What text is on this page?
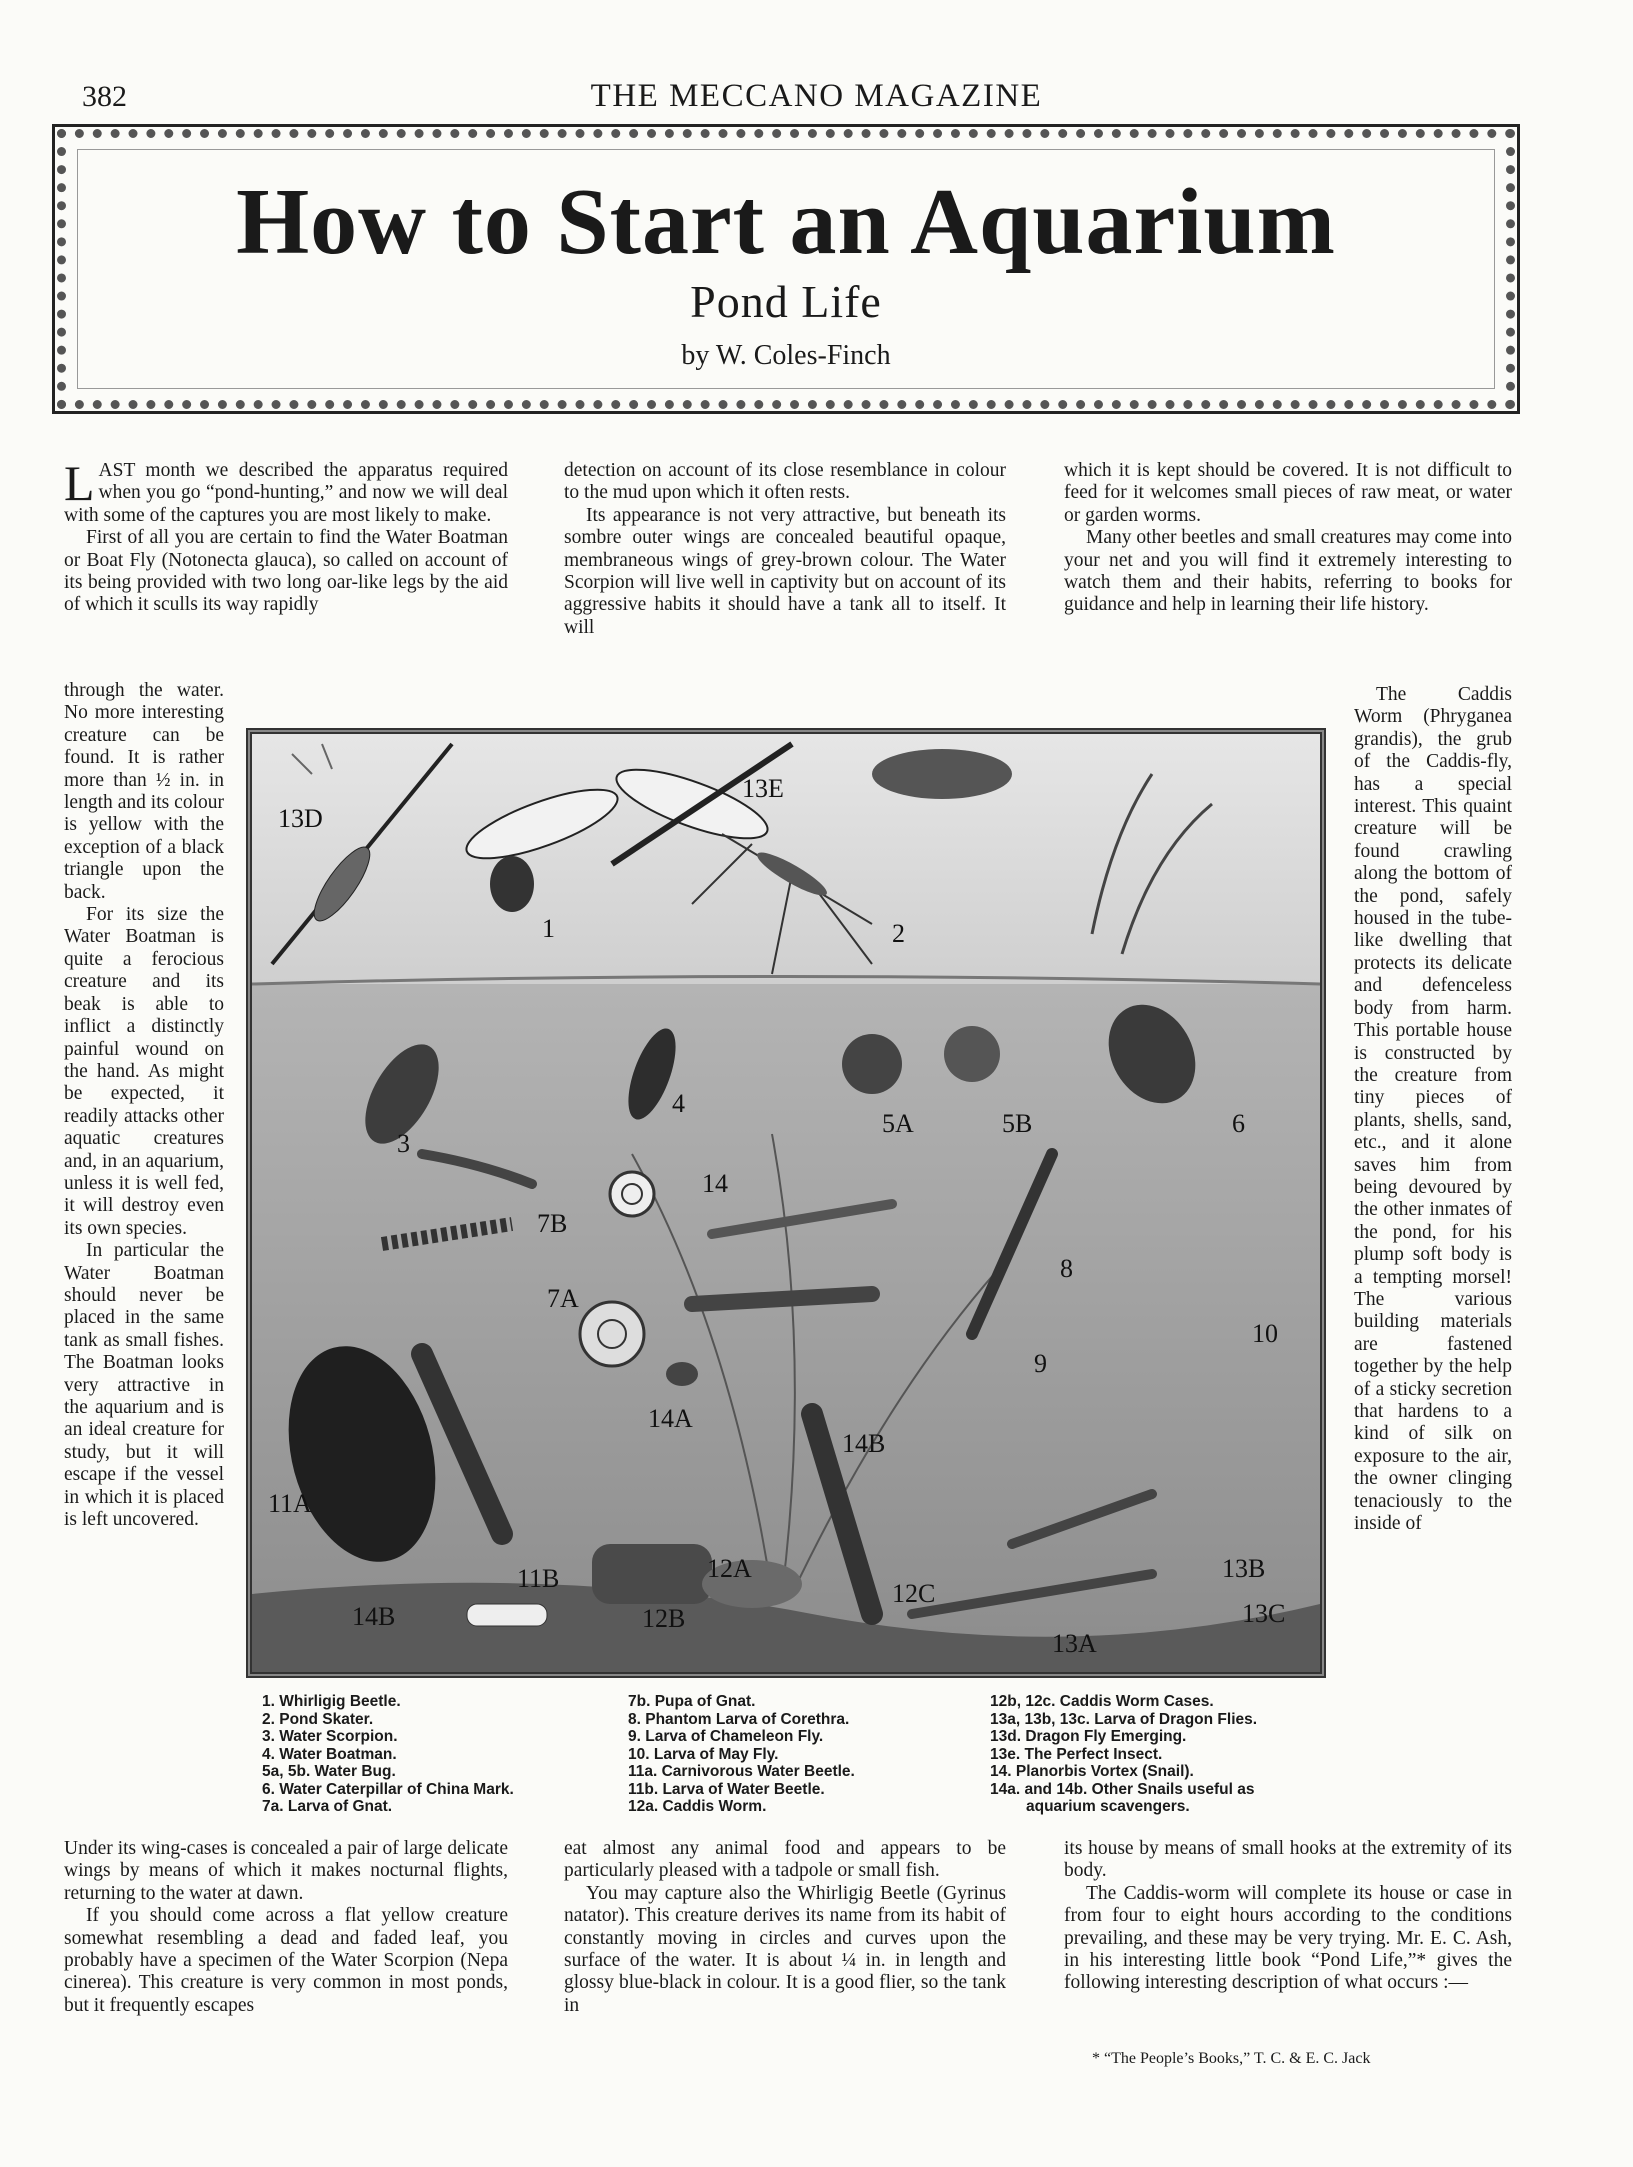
382	THE MECCANO MAGAZINE
How to Start an Aquarium
Pond Life
by W. Coles-Finch

LAST month we described the apparatus required when you go “pond-hunting,” and now we will deal with some of the captures you are most likely to make.

First of all you are certain to find the Water Boatman or Boat Fly (Notonecta glauca), so called on account of its being provided with two long oar-like legs by the aid of which it sculls its way rapidly

through the water. No more interesting creature can be found. It is rather more than ½ in. in length and its colour is yellow with the exception of a black triangle upon the back.

For its size the Water Boatman is quite a ferocious creature and its beak is able to inflict a distinctly painful wound on the hand. As might be expected, it readily attacks other aquatic creatures and, in an aquarium, unless it is well fed, it will destroy even its own species.

In particular the Water Boatman should never be placed in the same tank as small fishes. The Boatman looks very attractive in the aquarium and is an ideal creature for study, but it will escape if the vessel in which it is placed is left uncovered.

detection on account of its close resemblance in colour to the mud upon which it often rests.

Its appearance is not very attractive, but beneath its sombre outer wings are concealed beautiful opaque, membraneous wings of grey-brown colour. The Water Scorpion will live well in captivity but on account of its aggressive habits it should have a tank all to itself. It will

which it is kept should be covered. It is not difficult to feed for it welcomes small pieces of raw meat, or water or garden worms.

Many other beetles and small creatures may come into your net and you will find it extremely interesting to watch them and their habits, referring to books for guidance and help in learning their life history.

The Caddis Worm (Phryganea grandis), the grub of the Caddis-fly, has a special interest. This quaint creature will be found crawling along the bottom of the pond, safely housed in the tube-like dwelling that protects its delicate and defenceless body from harm. This portable house is constructed by the creature from tiny pieces of plants, shells, sand, etc., and it alone saves him from being devoured by the other inmates of the pond, for his plump soft body is a tempting morsel! The various building materials are fastened together by the help of a sticky secretion that hardens to a kind of silk on exposure to the air, the owner clinging tenaciously to the inside of

13D
1
13E
2
3
4
5A	5B	6
7B
7A
14
8
10
9
14A
14B
11A
11B	12A
12B
12C
13A
13B
13C
14B
1. Whirligig Beetle.
2. Pond Skater.
3. Water Scorpion.
4. Water Boatman.
5a, 5b. Water Bug.
6. Water Caterpillar of China Mark.
7a. Larva of Gnat.
7b. Pupa of Gnat.
8. Phantom Larva of Corethra.
9. Larva of Chameleon Fly.
10. Larva of May Fly.
11a. Carnivorous Water Beetle.
11b. Larva of Water Beetle.
12a. Caddis Worm.
12b, 12c. Caddis Worm Cases.
13a, 13b, 13c. Larva of Dragon Flies.
13d. Dragon Fly Emerging.
13e. The Perfect Insect.
14. Planorbis Vortex (Snail).
14a. and 14b. Other Snails useful as
aquarium scavengers.

Under its wing-cases is concealed a pair of large delicate wings by means of which it makes nocturnal flights, returning to the water at dawn.

If you should come across a flat yellow creature somewhat resembling a dead and faded leaf, you probably have a specimen of the Water Scorpion (Nepa cinerea). This creature is very common in most ponds, but it frequently escapes

eat almost any animal food and appears to be particularly pleased with a tadpole or small fish.

You may capture also the Whirligig Beetle (Gyrinus natator). This creature derives its name from its habit of constantly moving in circles and curves upon the surface of the water. It is about ¼ in. in length and glossy blue-black in colour. It is a good flier, so the tank in

its house by means of small hooks at the extremity of its body.

The Caddis-worm will complete its house or case in from four to eight hours according to the conditions prevailing, and these may be very trying. Mr. E. C. Ash, in his interesting little book “Pond Life,”* gives the following interesting description of what occurs :—

* “The People’s Books,” T. C. & E. C. Jack
